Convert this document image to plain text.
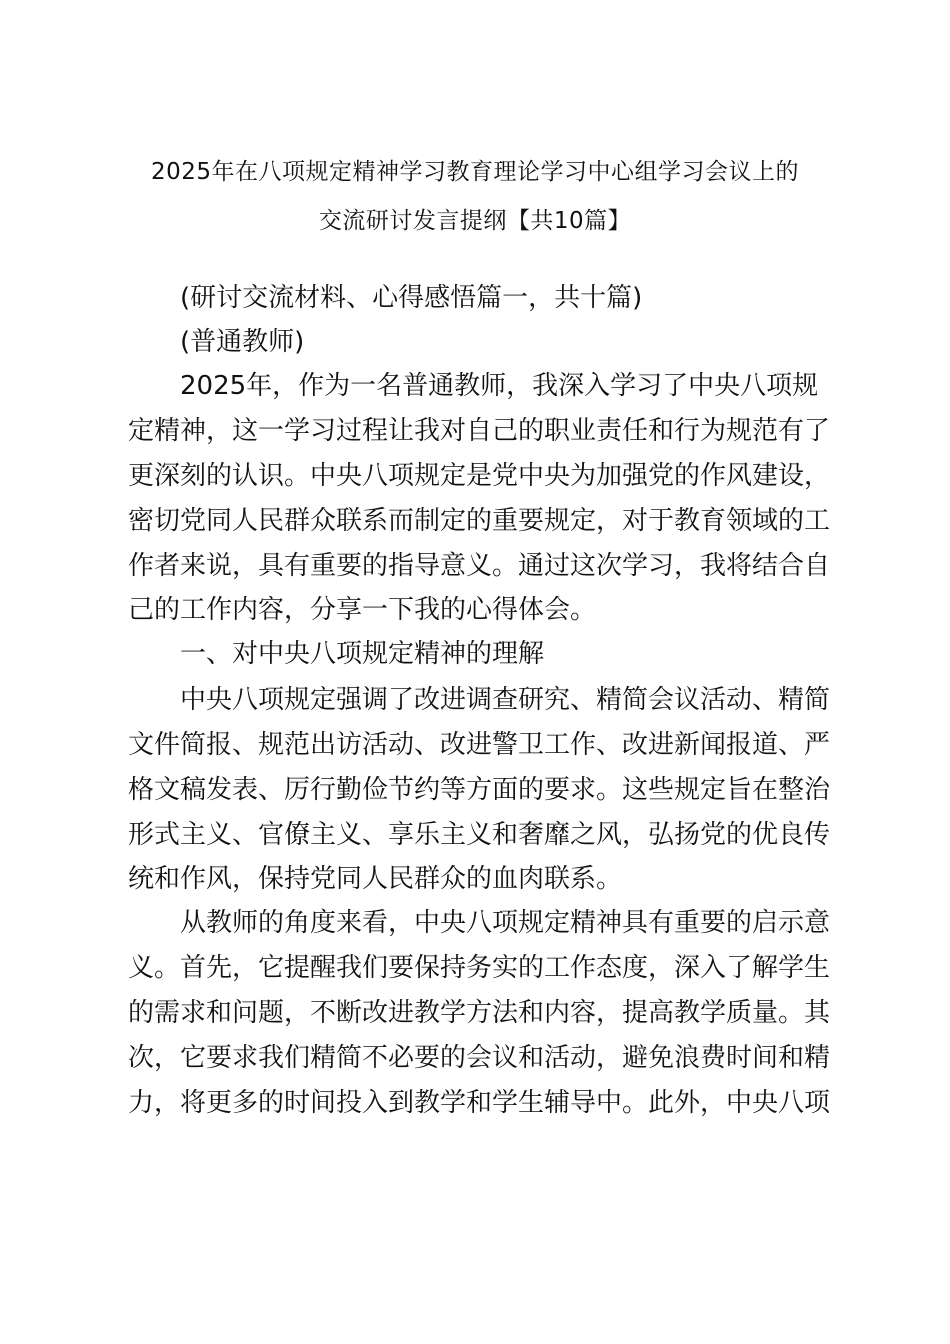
2025年在八项规定精神学习教育理论学习中心组学习会议上的
交流研讨发言提纲【共10篇】
(研讨交流材料、心得感悟篇一，共十篇)
(普通教师)
2025年，作为一名普通教师，我深入学习了中央八项规
定精神，这一学习过程让我对自己的职业责任和行为规范有了
更深刻的认识。中央八项规定是党中央为加强党的作风建设，
密切党同人民群众联系而制定的重要规定，对于教育领域的工
作者来说，具有重要的指导意义。通过这次学习，我将结合自
己的工作内容，分享一下我的心得体会。
一、对中央八项规定精神的理解
中央八项规定强调了改进调查研究、精简会议活动、精简
文件简报、规范出访活动、改进警卫工作、改进新闻报道、严
格文稿发表、厉行勤俭节约等方面的要求。这些规定旨在整治
形式主义、官僚主义、享乐主义和奢靡之风，弘扬党的优良传
统和作风，保持党同人民群众的血肉联系。
从教师的角度来看，中央八项规定精神具有重要的启示意
义。首先，它提醒我们要保持务实的工作态度，深入了解学生
的需求和问题，不断改进教学方法和内容，提高教学质量。其
次，它要求我们精简不必要的会议和活动，避免浪费时间和精
力，将更多的时间投入到教学和学生辅导中。此外，中央八项
